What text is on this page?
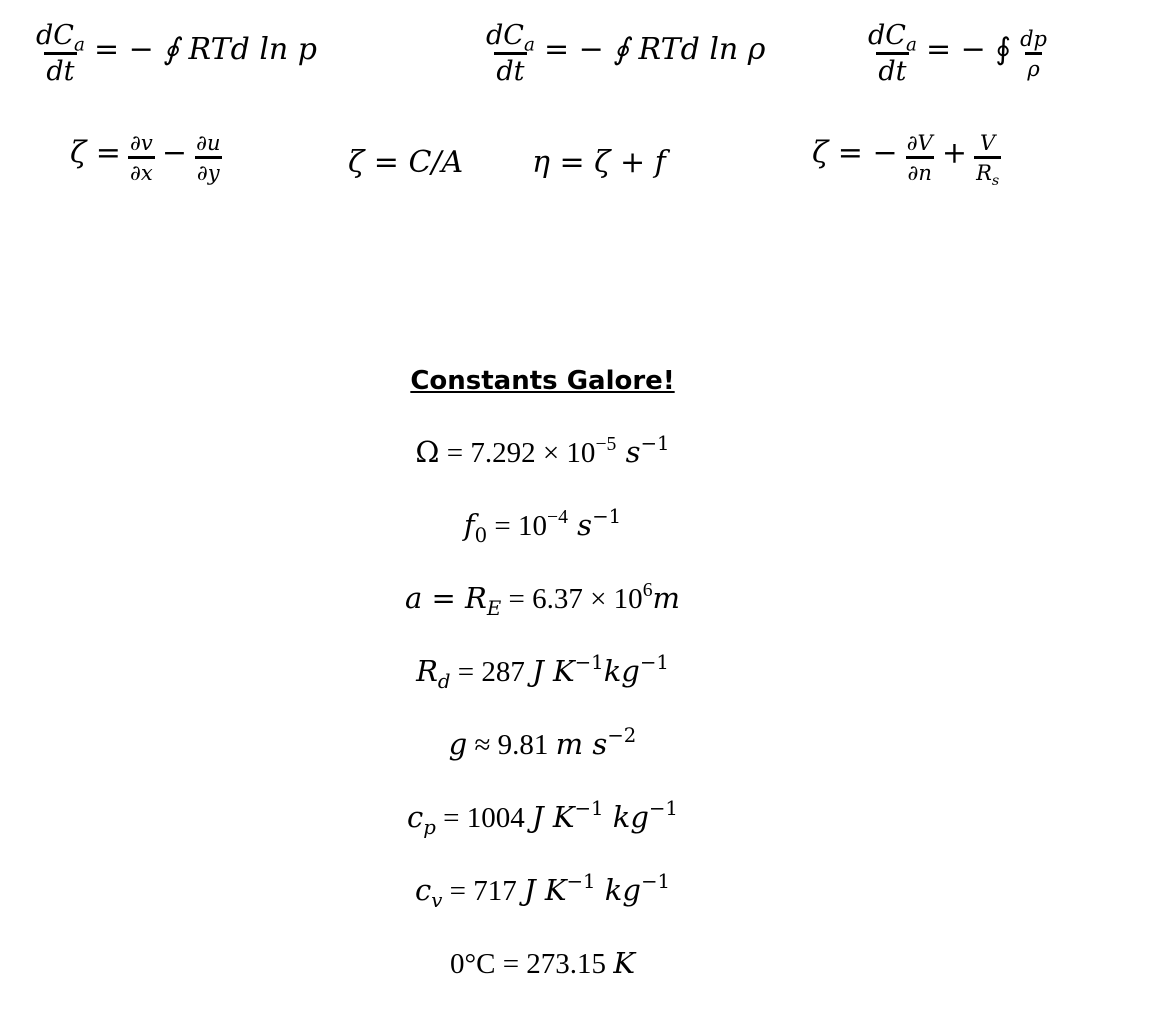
$\frac{dC_a}{dt}$ = − ∮ RTd ln p	$\frac{dC_a}{dt}$ = − ∮ RTd ln ρ	$\frac{dC_a}{dt}$ = − ∮ $\frac{dp}{\rho}$
$\zeta = \frac{\partial v}{\partial x} - \frac{\partial u}{\partial y}$	ζ = C/A η = ζ + f	ζ = − $\frac{\partial V}{\partial n} + \frac{V}{R_s}$
Constants Galore!
$\Omega = 7.292 \times 10^{-5}$ $s^{-1}$
$f_0 = 10^{-4}$ $s^{-1}$
$a = R_E = 6.37 \times 10^6m$
$R_d = 287$ J $K^{-1}kg^{-1}$
g ≈ 9.81 m $s^{-2}$
$c_p = 1004$ J $K^{-1}$ $kg^{-1}$
$c_v = 717$ J $K^{-1}$ $kg^{-1}$
0°C = 273.15 K
